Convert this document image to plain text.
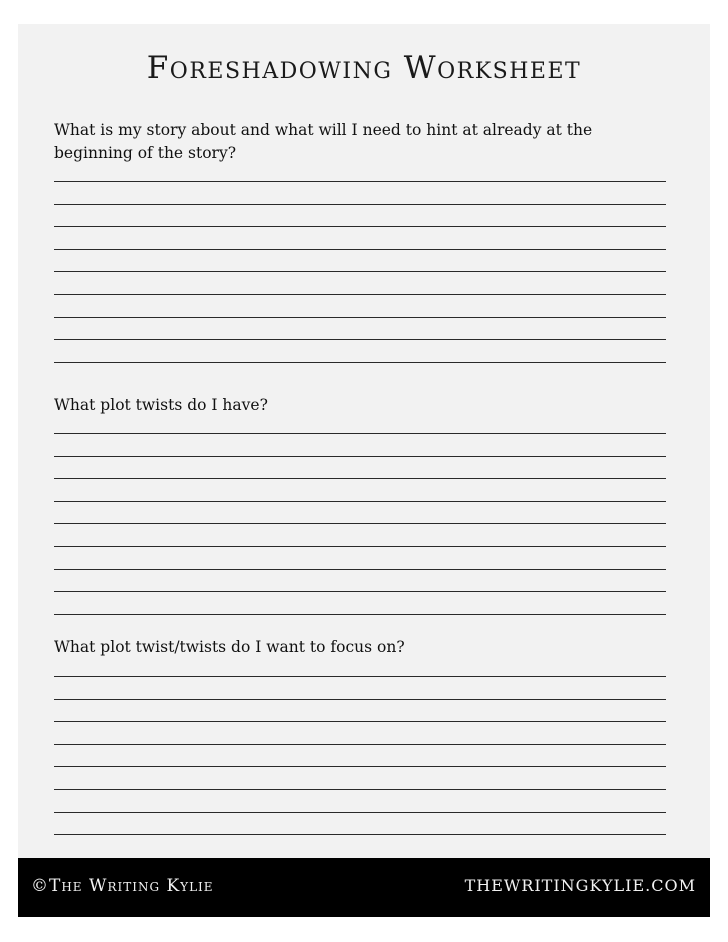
Foreshadowing Worksheet

What is my story about and what will I need to hint at already at the beginning of the story?

What plot twists do I have?

What plot twist/twists do I want to focus on?

©The Writing Kylie	THEWRITINGKYLIE.COM
